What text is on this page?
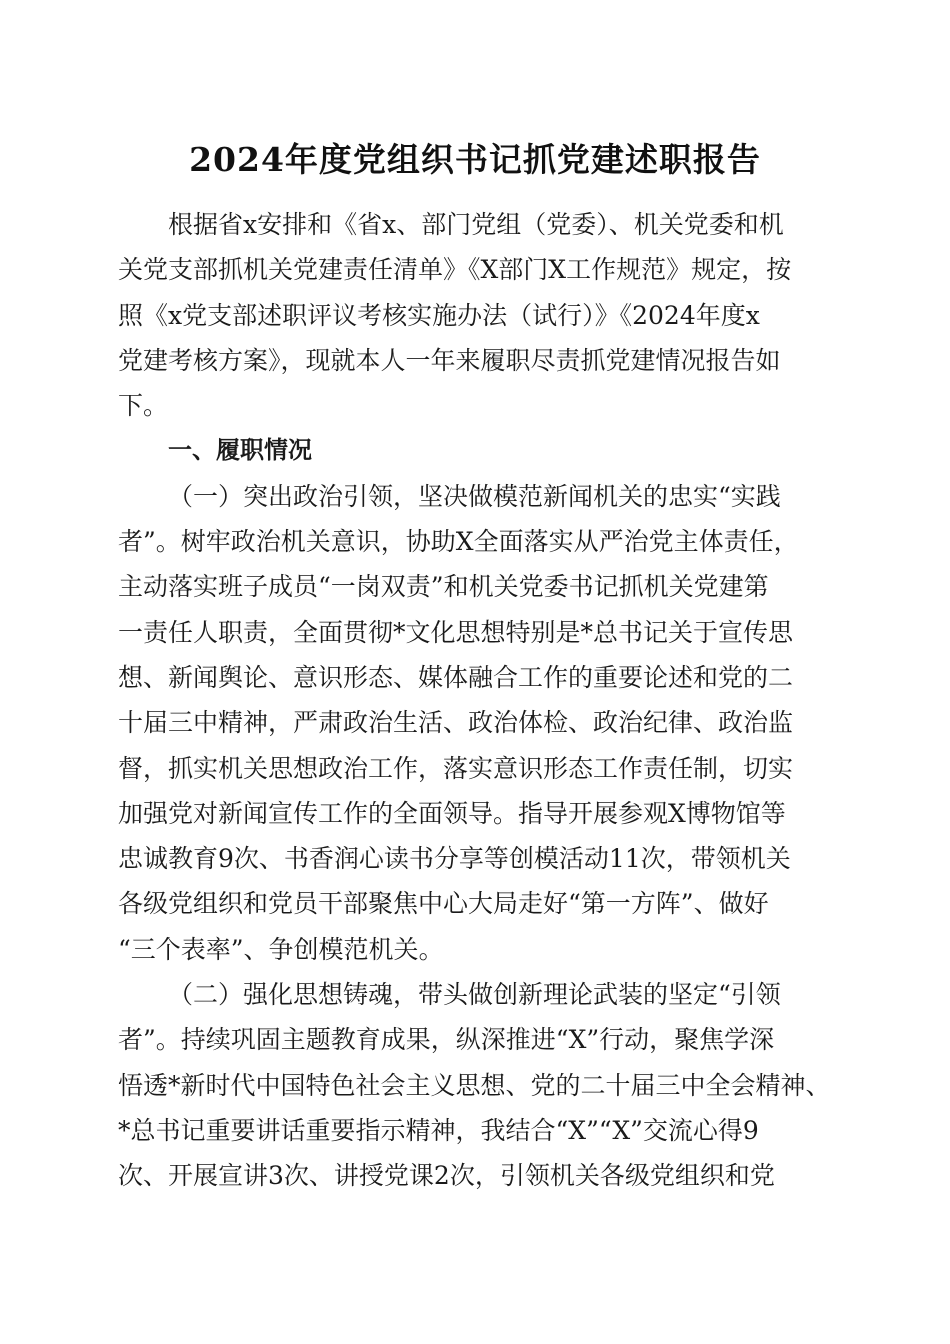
2024年度党组织书记抓党建述职报告
根据省x安排和《省x、部门党组（党委）、机关党委和机
关党支部抓机关党建责任清单》《X部门X工作规范》规定，按
照《x党支部述职评议考核实施办法（试行）》《2024年度x
党建考核方案》，现就本人一年来履职尽责抓党建情况报告如
下。
一、履职情况
（一）突出政治引领，坚决做模范新闻机关的忠实“实践
者”。树牢政治机关意识，协助X全面落实从严治党主体责任，
主动落实班子成员“一岗双责”和机关党委书记抓机关党建第
一责任人职责，全面贯彻*文化思想特别是*总书记关于宣传思
想、新闻舆论、意识形态、媒体融合工作的重要论述和党的二
十届三中精神，严肃政治生活、政治体检、政治纪律、政治监
督，抓实机关思想政治工作，落实意识形态工作责任制，切实
加强党对新闻宣传工作的全面领导。指导开展参观X博物馆等
忠诚教育9次、书香润心读书分享等创模活动11次，带领机关
各级党组织和党员干部聚焦中心大局走好“第一方阵”、做好
“三个表率”、争创模范机关。
（二）强化思想铸魂，带头做创新理论武装的坚定“引领
者”。持续巩固主题教育成果，纵深推进“X”行动，聚焦学深
悟透*新时代中国特色社会主义思想、党的二十届三中全会精神、
*总书记重要讲话重要指示精神，我结合“X”“X”交流心得9
次、开展宣讲3次、讲授党课2次，引领机关各级党组织和党
